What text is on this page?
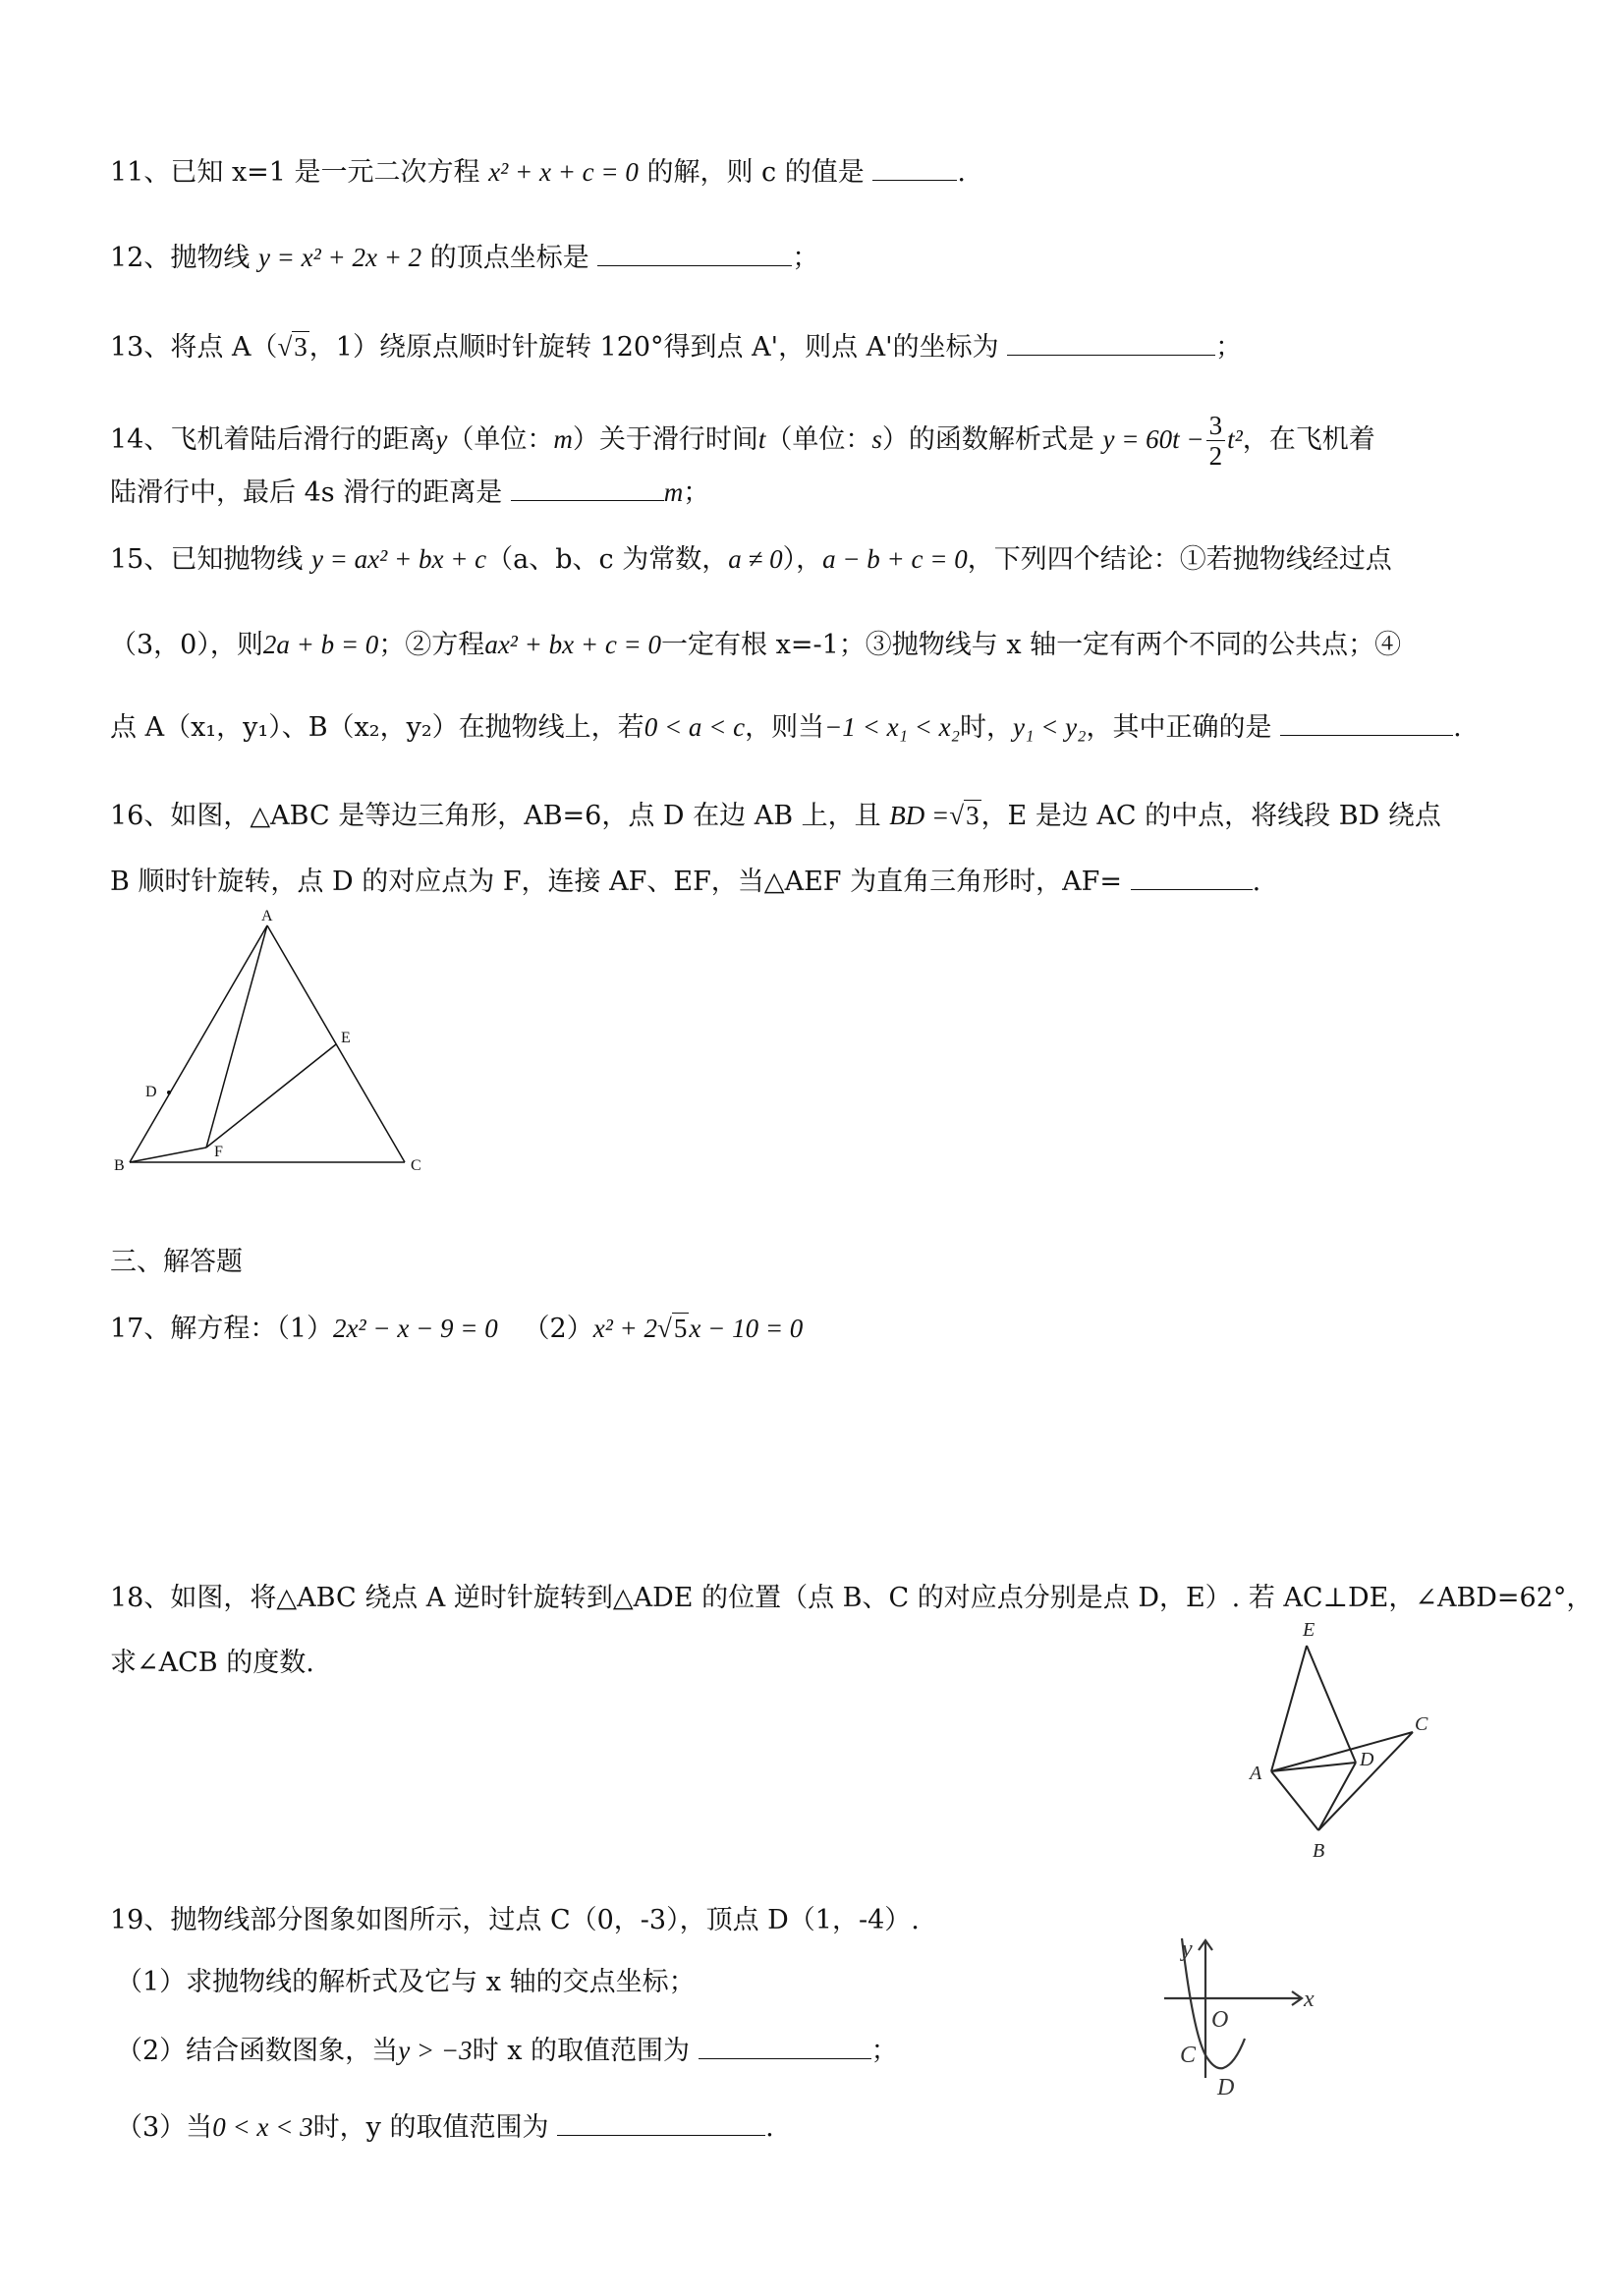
11、已知 x=1 是一元二次方程 x² + x + c = 0 的解，则 c 的值是	.
12、抛物线 y = x² + 2x + 2 的顶点坐标是	；
13、将点 A（√3，1）绕原点顺时针旋转 120°得到点 A'，则点 A'的坐标为	；
14、飞机着陆后滑行的距离y（单位：m）关于滑行时间t（单位：s）的函数解析式是 $y = 60t - \frac{3}{2} t^2$，在飞机着
陆滑行中，最后 4s 滑行的距离是	m；
15、已知抛物线 y = ax² + bx + c（a、b、c 为常数，a ≠ 0），a − b + c = 0，下列四个结论：①若抛物线经过点
（3，0），则2a + b = 0；②方程ax² + bx + c = 0一定有根 x=-1；③抛物线与 x 轴一定有两个不同的公共点；④
点 A（x₁，y₁）、B（x₂，y₂）在抛物线上，若0 < a < c，则当−1 < x₁ < x₂时，y₁ < y₂，其中正确的是	.
16、如图，△ABC 是等边三角形，AB=6，点 D 在边 AB 上，且 BD =√3，E 是边 AC 的中点，将线段 BD 绕点
B 顺时针旋转，点 D 的对应点为 F，连接 AF、EF，当△AEF 为直角三角形时，AF=	.
A
E
D
F
B	C
三、解答题
17、解方程：（1）2x² − x − 9 = 0 （2）x² + 2√5x − 10 = 0
18、如图，将△ABC 绕点 A 逆时针旋转到△ADE 的位置（点 B、C 的对应点分别是点 D，E）. 若 AC⊥DE，∠ABD=62°，
求∠ACB 的度数.
E
C
A
D
B
19、抛物线部分图象如图所示，过点 C（0，-3），顶点 D（1，-4）.
（1）求抛物线的解析式及它与 x 轴的交点坐标；
（2）结合函数图象，当y > −3时 x 的取值范围为	；
（3）当0 < x < 3时，y 的取值范围为	.
y
x
O
C
D
